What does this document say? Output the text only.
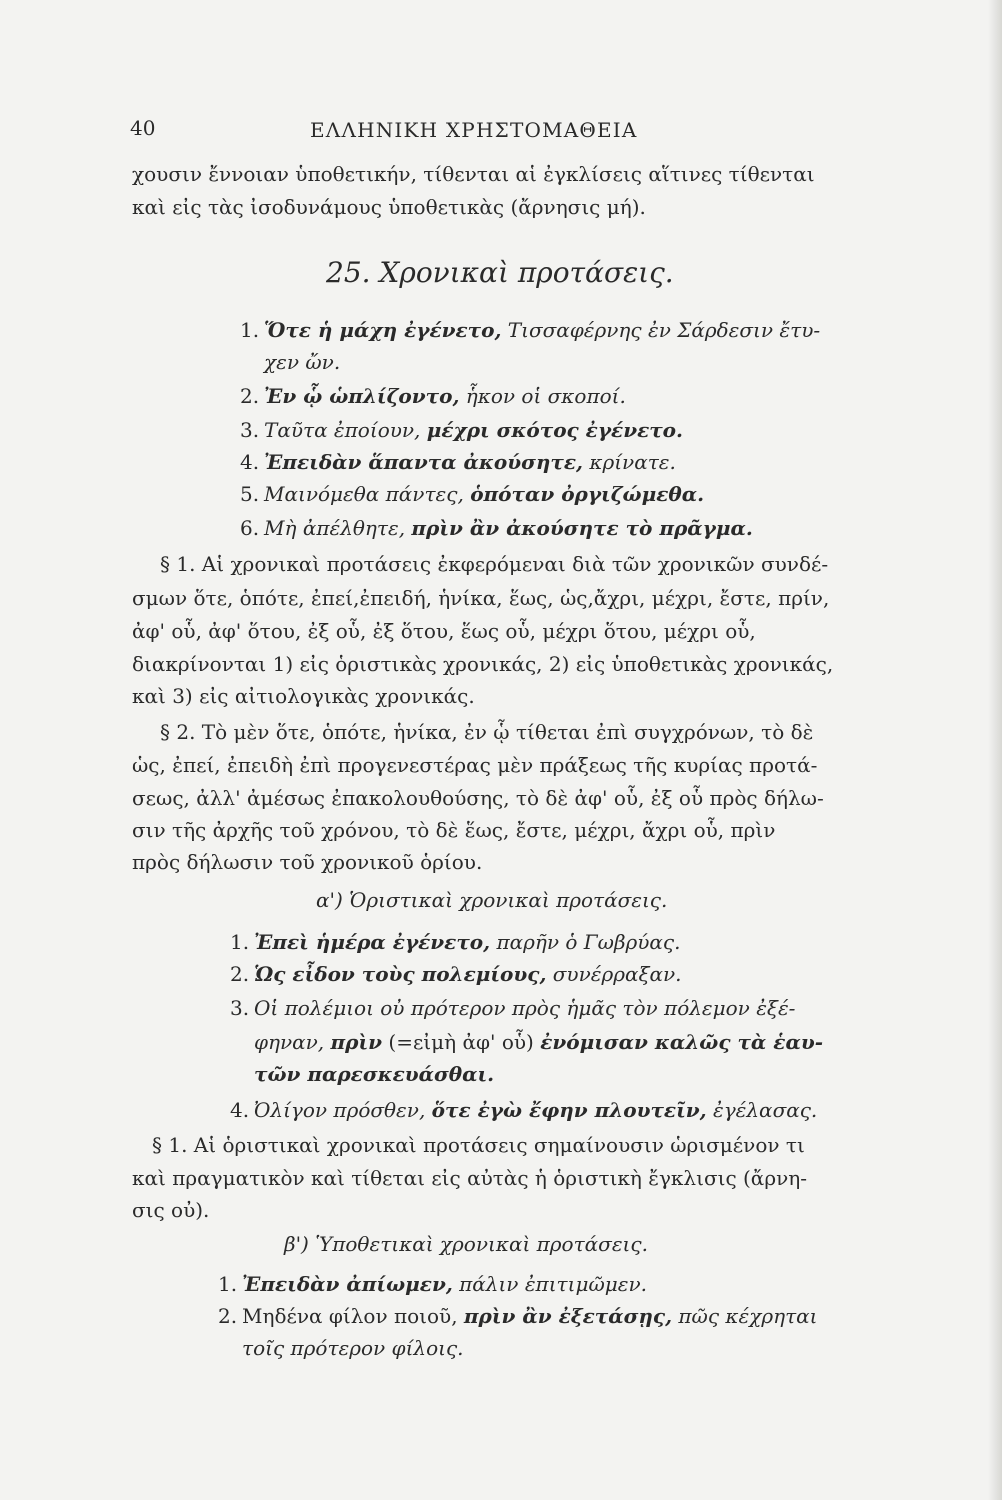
40	ΕΛΛΗΝΙΚΗ ΧΡΗΣΤΟΜΑΘΕΙΑ
χουσιν ἔννοιαν ὑποθετικήν, τίθενται αἱ ἐγκλίσεις αἵτινες τίθενται
καὶ εἰς τὰς ἰσοδυνάμους ὑποθετικὰς (ἄρνησις μή).
25. Χρονικαὶ προτάσεις.
1. Ὅτε ἡ μάχη ἐγένετο, Τισσαφέρνης ἐν Σάρδεσιν ἔτυ-
χεν ὤν.
2. Ἐν ᾧ ὡπλίζοντο, ἧκον οἱ σκοποί.
3. Ταῦτα ἐποίουν, μέχρι σκότος ἐγένετο.
4. Ἐπειδὰν ἅπαντα ἀκούσητε, κρίνατε.
5. Μαινόμεθα πάντες, ὁπόταν ὀργιζώμεθα.
6. Μὴ ἀπέλθητε, πρὶν ἂν ἀκούσητε τὸ πρᾶγμα.
§ 1. Αἱ χρονικαὶ προτάσεις ἐκφερόμεναι διὰ τῶν χρονικῶν συνδέ-
σμων ὅτε, ὁπότε, ἐπεί,ἐπειδή, ἡνίκα, ἕως, ὡς,ἄχρι, μέχρι, ἔστε, πρίν,
ἀφ' οὗ, ἀφ' ὅτου, ἐξ οὗ, ἐξ ὅτου, ἕως οὗ, μέχρι ὅτου, μέχρι οὗ,
διακρίνονται 1) εἰς ὁριστικὰς χρονικάς, 2) εἰς ὑποθετικὰς χρονικάς,
καὶ 3) εἰς αἰτιολογικὰς χρονικάς.
§ 2. Τὸ μὲν ὅτε, ὁπότε, ἡνίκα, ἐν ᾧ τίθεται ἐπὶ συγχρόνων, τὸ δὲ
ὡς, ἐπεί, ἐπειδὴ ἐπὶ προγενεστέρας μὲν πράξεως τῆς κυρίας προτά-
σεως, ἀλλ' ἀμέσως ἐπακολουθούσης, τὸ δὲ ἀφ' οὗ, ἐξ οὗ πρὸς δήλω-
σιν τῆς ἀρχῆς τοῦ χρόνου, τὸ δὲ ἕως, ἔστε, μέχρι, ἄχρι οὗ, πρὶν
πρὸς δήλωσιν τοῦ χρονικοῦ ὁρίου.
α') Ὁριστικαὶ χρονικαὶ προτάσεις.
1. Ἐπεὶ ἡμέρα ἐγένετο, παρῆν ὁ Γωβρύας.
2. Ὡς εἶδον τοὺς πολεμίους, συνέρραξαν.
3. Οἱ πολέμιοι οὐ πρότερον πρὸς ἡμᾶς τὸν πόλεμον ἐξέ-
φηναν, πρὶν (=εἰμὴ ἀφ' οὗ) ἐνόμισαν καλῶς τὰ ἑαυ-
τῶν παρεσκευάσθαι.
4. Ὀλίγον πρόσθεν, ὅτε ἐγὼ ἔφην πλουτεῖν, ἐγέλασας.
§ 1. Αἱ ὁριστικαὶ χρονικαὶ προτάσεις σημαίνουσιν ὡρισμένον τι
καὶ πραγματικὸν καὶ τίθεται εἰς αὐτὰς ἡ ὁριστικὴ ἔγκλισις (ἄρνη-
σις οὐ).
β') Ὑποθετικαὶ χρονικαὶ προτάσεις.
1. Ἐπειδὰν ἀπίωμεν, πάλιν ἐπιτιμῶμεν.
2. Μηδένα φίλον ποιοῦ, πρὶν ἂν ἐξετάσῃς, πῶς κέχρηται
τοῖς πρότερον φίλοις.
